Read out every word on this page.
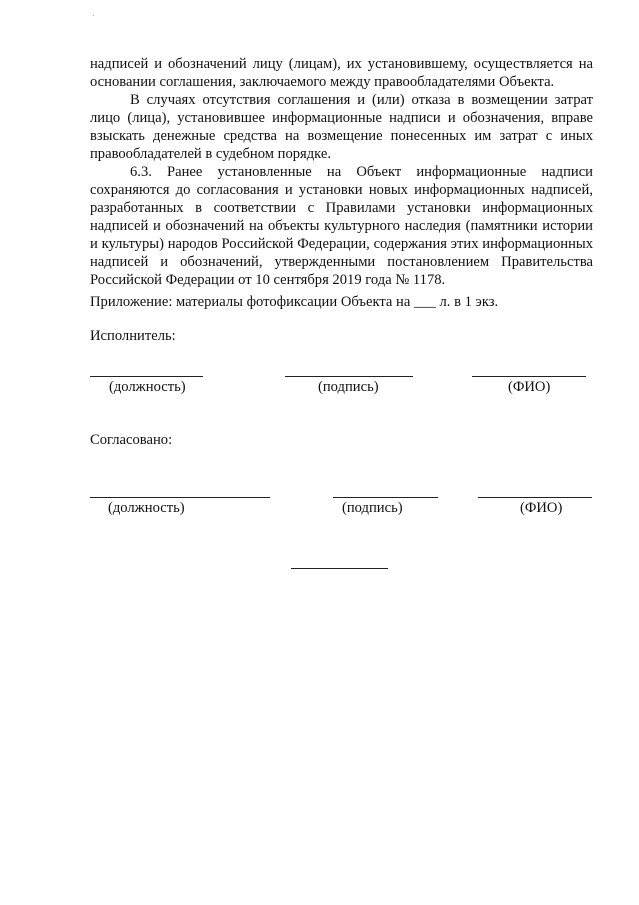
надписей и обозначений лицу (лицам), их установившему, осуществляется на основании соглашения, заключаемого между правообладателями Объекта.

В случаях отсутствия соглашения и (или) отказа в возмещении затрат лицо (лица), установившее информационные надписи и обозначения, вправе взыскать денежные средства на возмещение понесенных им затрат с иных правообладателей в судебном порядке.

6.3. Ранее установленные на Объект информационные надписи сохраняются до согласования и установки новых информационных надписей, разработанных в соответствии с Правилами установки информационных надписей и обозначений на объекты культурного наследия (памятники истории и культуры) народов Российской Федерации, содержания этих информационных надписей и обозначений, утвержденными постановлением Правительства Российской Федерации от 10 сентября 2019 года № 1178.

Приложение: материалы фотофиксации Объекта на ___ л. в 1 экз.
Исполнитель:
(должность)	(подпись)	(ФИО)
Согласовано:
(должность)	(подпись)	(ФИО)
